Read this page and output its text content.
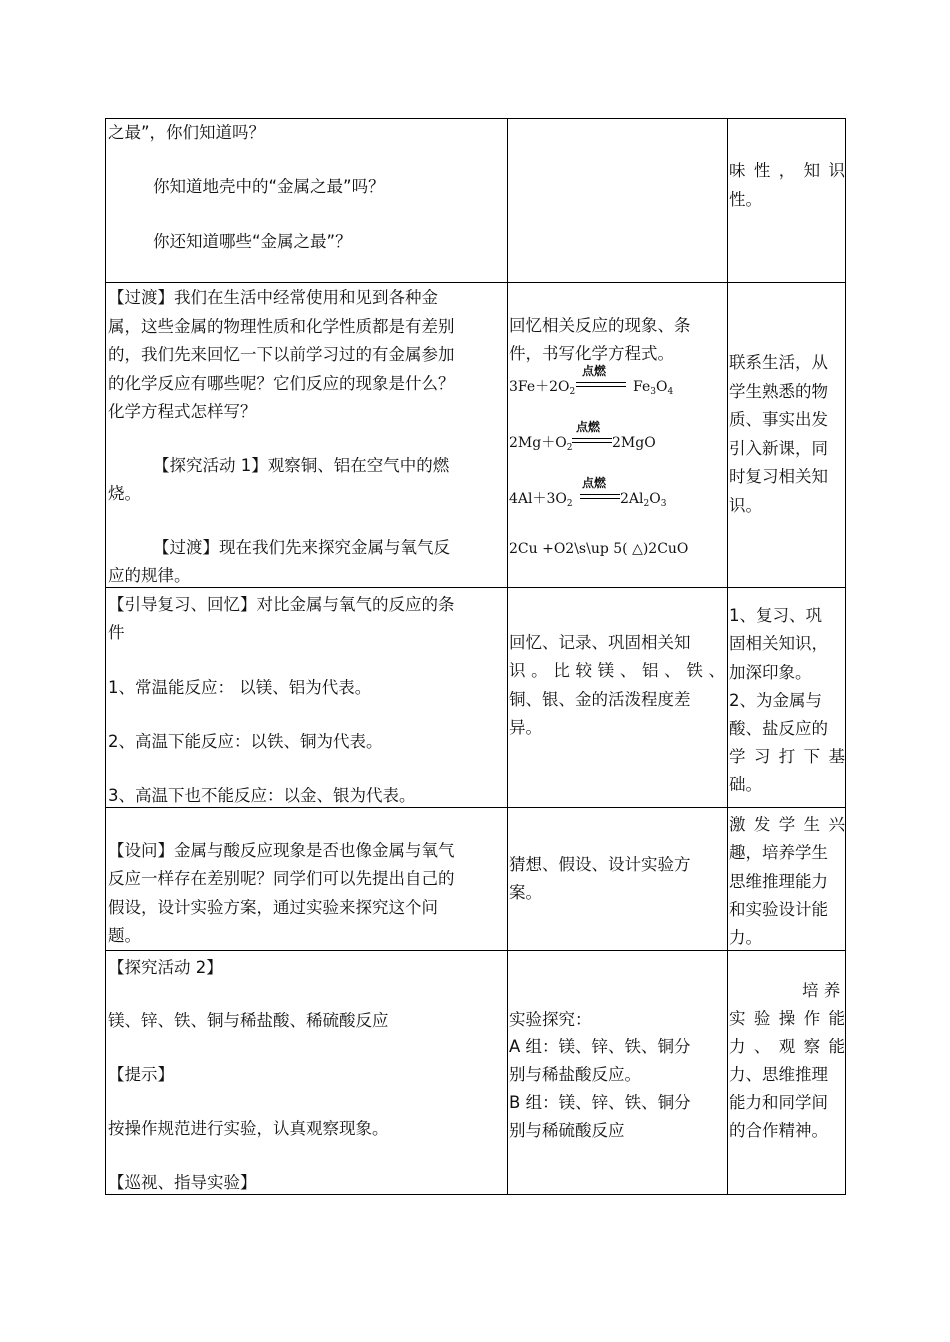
之最”，你们知道吗？
你知道地壳中的“金属之最”吗？
你还知道哪些“金属之最”？
味 性 ， 知 识
性。
【过渡】我们在生活中经常使用和见到各种金
属，这些金属的物理性质和化学性质都是有差别
的，我们先来回忆一下以前学习过的有金属参加
的化学反应有哪些呢？它们反应的现象是什么？
化学方程式怎样写？
【探究活动 1】观察铜、铝在空气中的燃
烧。
【过渡】现在我们先来探究金属与氧气反
应的规律。
回忆相关反应的现象、条
件，书写化学方程式。
$3Fe+2O_2$
点燃
$Fe_3O_4$
$2Mg+O_2$
点燃
2MgO
$4Al+3O_2$
点燃
$2Al_2O_3$
2Cu +O2\s\up 5( △)2CuO
联系生活，从
学生熟悉的物
质、事实出发
引入新课，同
时复习相关知
识。
【引导复习、回忆】对比金属与氧气的反应的条
件
1、常温能反应： 以镁、铝为代表。
2、高温下能反应：以铁、铜为代表。
3、高温下也不能反应：以金、银为代表。
回忆、记录、巩固相关知
识。比较镁、铝、铁、
铜、银、金的活泼程度差
异。
1、复习、巩
固相关知识，
加深印象。
2、为金属与
酸、盐反应的
学 习 打 下 基
础。
【设问】金属与酸反应现象是否也像金属与氧气
反应一样存在差别呢？同学们可以先提出自己的
假设，设计实验方案，通过实验来探究这个问
题。
猜想、假设、设计实验方
案。
激 发 学 生 兴
趣，培养学生
思维推理能力
和实验设计能
力。
【探究活动 2】
镁、锌、铁、铜与稀盐酸、稀硫酸反应
【提示】
按操作规范进行实验，认真观察现象。
【巡视、指导实验】
实验探究：
A 组：镁、锌、铁、铜分
别与稀盐酸反应。
B 组：镁、锌、铁、铜分
别与稀硫酸反应
培 养
实 验 操 作 能
力 、 观 察 能
力、思维推理
能力和同学间
的合作精神。
